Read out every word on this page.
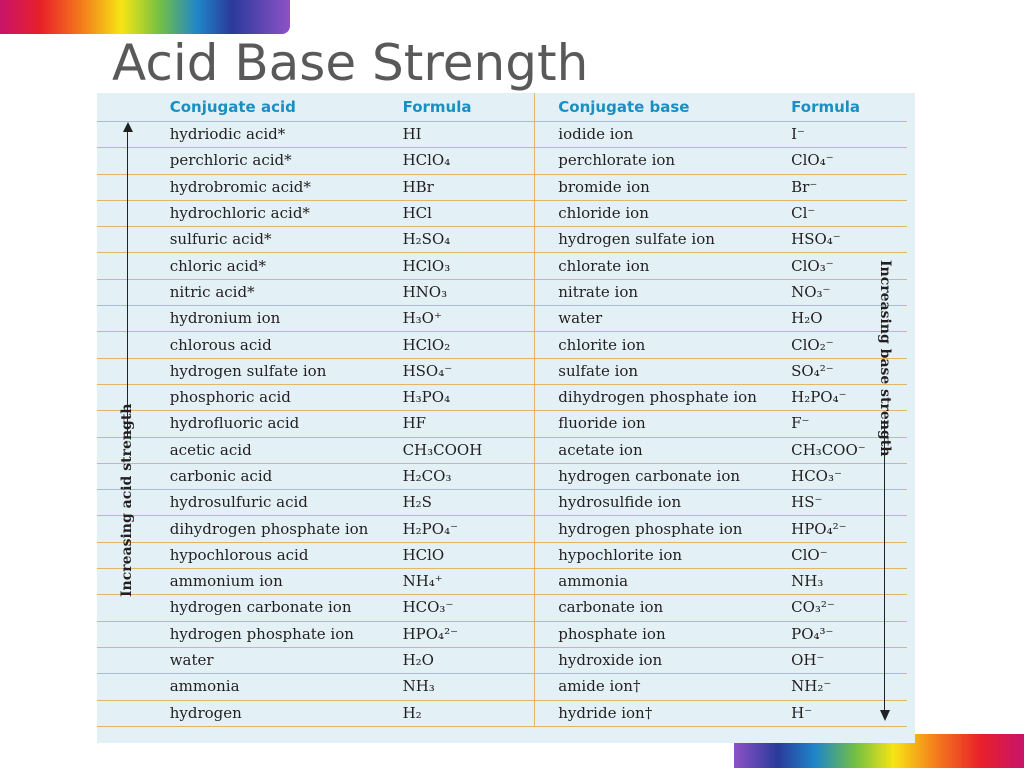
Acid Base Strength
	Conjugate acid	Formula			Conjugate base	Formula	
	hydriodic acid*	HI			iodide ion	I⁻	
	perchloric acid*	HClO₄			perchlorate ion	ClO₄⁻	
	hydrobromic acid*	HBr			bromide ion	Br⁻	
	hydrochloric acid*	HCl			chloride ion	Cl⁻	
	sulfuric acid*	H₂SO₄			hydrogen sulfate ion	HSO₄⁻	
	chloric acid*	HClO₃			chlorate ion	ClO₃⁻	
	nitric acid*	HNO₃			nitrate ion	NO₃⁻	
	hydronium ion	H₃O⁺			water	H₂O	
	chlorous acid	HClO₂			chlorite ion	ClO₂⁻	
	hydrogen sulfate ion	HSO₄⁻			sulfate ion	SO₄²⁻	
	phosphoric acid	H₃PO₄			dihydrogen phosphate ion	H₂PO₄⁻	
	hydrofluoric acid	HF			fluoride ion	F⁻	
	acetic acid	CH₃COOH			acetate ion	CH₃COO⁻	
	carbonic acid	H₂CO₃			hydrogen carbonate ion	HCO₃⁻	
	hydrosulfuric acid	H₂S			hydrosulfide ion	HS⁻	
	dihydrogen phosphate ion	H₂PO₄⁻			hydrogen phosphate ion	HPO₄²⁻	
	hypochlorous acid	HClO			hypochlorite ion	ClO⁻	
	ammonium ion	NH₄⁺			ammonia	NH₃	
	hydrogen carbonate ion	HCO₃⁻			carbonate ion	CO₃²⁻	
	hydrogen phosphate ion	HPO₄²⁻			phosphate ion	PO₄³⁻	
	water	H₂O			hydroxide ion	OH⁻	
	ammonia	NH₃			amide ion†	NH₂⁻	
	hydrogen	H₂			hydride ion†	H⁻	
Increasing acid strength
Increasing base strength
